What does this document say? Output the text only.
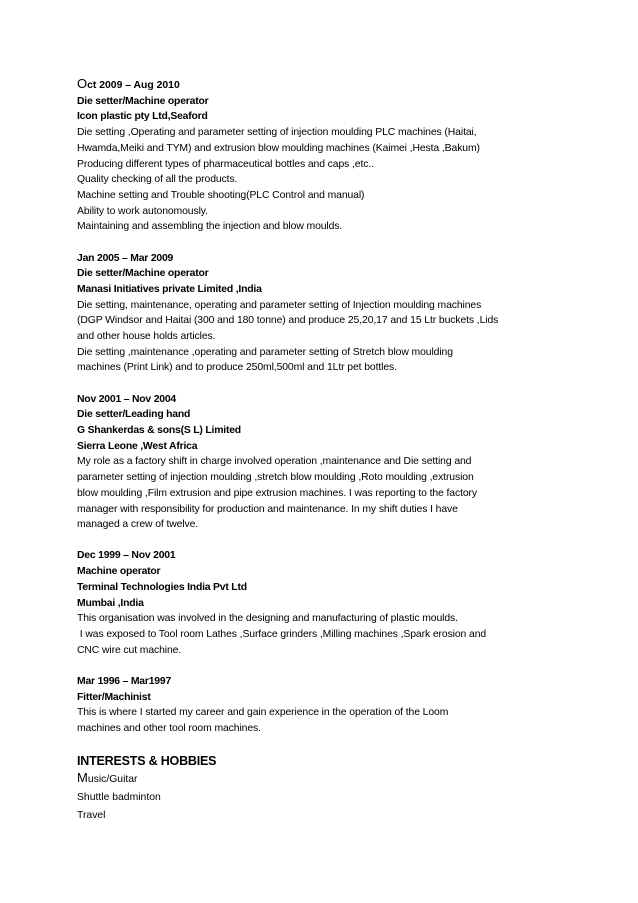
Oct 2009 – Aug 2010
Die setter/Machine operator
Icon plastic pty Ltd,Seaford
Die setting ,Operating and parameter setting of injection moulding PLC machines (Haitai,
Hwamda,Meiki and TYM) and extrusion blow moulding machines (Kaimei ,Hesta ,Bakum)
Producing different types of pharmaceutical bottles and caps ,etc..
Quality checking of all the products.
Machine setting and Trouble shooting(PLC Control and manual)
Ability to work autonomously.
Maintaining and assembling the injection and blow moulds.
Jan 2005 – Mar 2009
Die setter/Machine operator
Manasi Initiatives private Limited ,India
Die setting, maintenance, operating and parameter setting of Injection moulding machines
(DGP Windsor and Haitai (300 and 180 tonne) and produce 25,20,17 and 15 Ltr buckets ,Lids
and other house holds articles.
Die setting ,maintenance ,operating and parameter setting of Stretch blow moulding
machines (Print Link) and to produce 250ml,500ml and 1Ltr pet bottles.
Nov 2001 – Nov 2004
Die setter/Leading hand
G Shankerdas & sons(S L) Limited
Sierra Leone ,West Africa
My role as a factory shift in charge involved operation ,maintenance and Die setting and
parameter setting of injection moulding ,stretch blow moulding ,Roto moulding ,extrusion
blow moulding ,Film extrusion and pipe extrusion machines. I was reporting to the factory
manager with responsibility for production and maintenance. In my shift duties I have
managed a crew of twelve.
Dec 1999 – Nov 2001
Machine operator
Terminal Technologies India Pvt Ltd
Mumbai ,India
This organisation was involved in the designing and manufacturing of plastic moulds.
I was exposed to Tool room Lathes ,Surface grinders ,Milling machines ,Spark erosion and
CNC wire cut machine.
Mar 1996 – Mar1997
Fitter/Machinist
This is where I started my career and gain experience in the operation of the Loom
machines and other tool room machines.
INTERESTS & HOBBIES
Music/Guitar
Shuttle badminton
Travel
